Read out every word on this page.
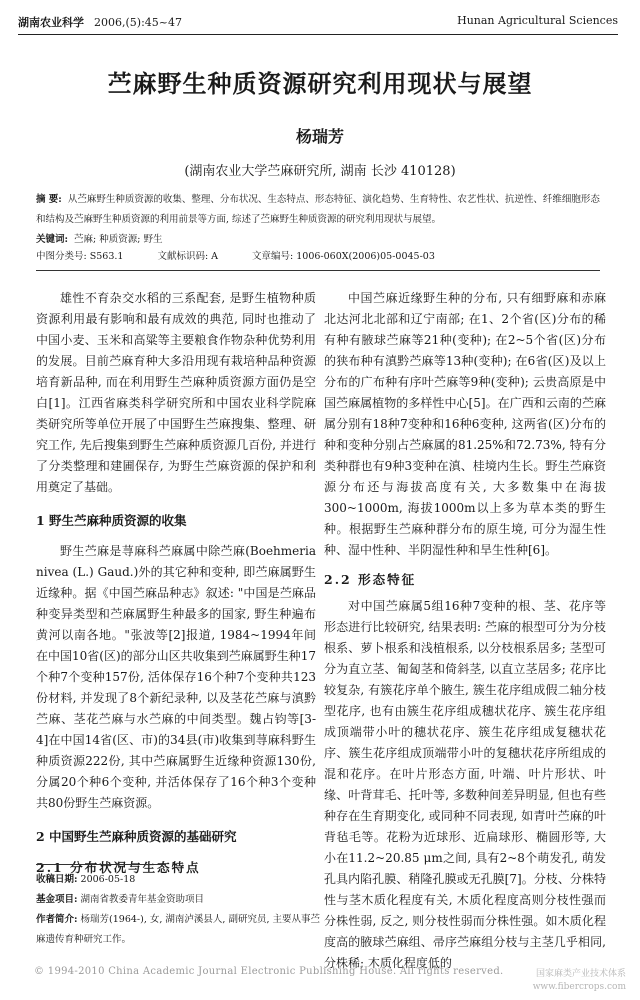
湖南农业科学 2006,(5):45~47	Hunan Agricultural Sciences
苎麻野生种质资源研究利用现状与展望
杨瑞芳
(湖南农业大学苎麻研究所, 湖南 长沙 410128)
摘 要: 从苎麻野生种质资源的收集、整理、分布状况、生态特点、形态特征、演化趋势、生育特性、农艺性状、抗逆性、纤维细胞形态和结构及苎麻野生种质资源的利用前景等方面, 综述了苎麻野生种质资源的研究利用现状与展望。
关键词: 苎麻; 种质资源; 野生
中图分类号: S563.1	文献标识码: A	文章编号: 1006-060X(2006)05-0045-03

雄性不育杂交水稻的三系配套, 是野生植物种质资源利用最有影响和最有成效的典范, 同时也推动了中国小麦、玉米和高粱等主要粮食作物杂种优势利用的发展。目前苎麻育种大多沿用现有栽培种品种资源培育新品种, 而在利用野生苎麻种质资源方面仍是空白[1]。江西省麻类科学研究所和中国农业科学院麻类研究所等单位开展了中国野生苎麻搜集、整理、研究工作, 先后搜集到野生苎麻种质资源几百份, 并进行了分类整理和建圃保存, 为野生苎麻资源的保护和利用奠定了基础。

1 野生苎麻种质资源的收集

野生苎麻是荨麻科苎麻属中除苎麻(Boehmeria nivea (L.) Gaud.)外的其它种和变种, 即苎麻属野生近缘种。据《中国苎麻品种志》叙述: "中国是苎麻品种变异类型和苎麻属野生种最多的国家, 野生种遍布黄河以南各地。"张波等[2]报道, 1984~1994年间在中国10省(区)的部分山区共收集到苎麻属野生种17个种7个变种157份, 活体保存16个种7个变种共123份材料, 并发现了8个新纪录种, 以及茎花苎麻与滇黔苎麻、茎花苎麻与水苎麻的中间类型。魏占钧等[3-4]在中国14省(区、市)的34县(市)收集到荨麻科野生种质资源222份, 其中苎麻属野生近缘种资源130份, 分属20个种6个变种, 并活体保存了16个种3个变种共80份野生苎麻资源。

2 中国野生苎麻种质资源的基础研究
2.1 分布状况与生态特点

中国苎麻近缘野生种的分布, 只有细野麻和赤麻北达河北北部和辽宁南部; 在1、2个省(区)分布的稀有种有腋球苎麻等21种(变种); 在2~5个省(区)分布的狭布种有滇黔苎麻等13种(变种); 在6省(区)及以上分布的广布种有序叶苎麻等9种(变种); 云贵高原是中国苎麻属植物的多样性中心[5]。在广西和云南的苎麻属分别有18种7变种和16种6变种, 这两省(区)分布的种和变种分别占苎麻属的81.25%和72.73%, 特有分类种群也有9种3变种在滇、桂境内生长。野生苎麻资源分布还与海拔高度有关, 大多数集中在海拔300~1000m, 海拔1000m以上多为草本类的野生种。根据野生苎麻种群分布的原生境, 可分为湿生性种、湿中性种、半阴湿性种和旱生性种[6]。

2.2 形态特征

对中国苎麻属5组16种7变种的根、茎、花序等形态进行比较研究, 结果表明: 苎麻的根型可分为分枝根系、萝卜根系和浅植根系, 以分枝根系居多; 茎型可分为直立茎、匍匐茎和倚斜茎, 以直立茎居多; 花序比较复杂, 有簇花序单个腋生, 簇生花序组成假二轴分枝型花序, 也有由簇生花序组成穗状花序、簇生花序组成顶端带小叶的穗状花序、簇生花序组成复穗状花序、簇生花序组成顶端带小叶的复穗状花序所组成的混和花序。在叶片形态方面, 叶端、叶片形状、叶缘、叶背茸毛、托叶等, 多数种间差异明显, 但也有些种存在生育期变化, 或同种不同表现, 如青叶苎麻的叶背毡毛等。花粉为近球形、近扁球形、椭圆形等, 大小在11.2~20.85 μm之间, 具有2~8个萌发孔, 萌发孔具内陷孔膜、稍隆孔膜或无孔膜[7]。分枝、分株特性与茎木质化程度有关, 木质化程度高则分枝性强而分株性弱, 反之, 则分枝性弱而分株性强。如木质化程度高的腋球苎麻组、帚序苎麻组分枝与主茎几乎相同, 分株稀; 木质化程度低的

收稿日期: 2006-05-18
基金项目: 湖南省教委青年基金资助项目
作者简介: 杨瑞芳(1964-), 女, 湖南泸溪县人, 副研究员, 主要从事苎麻遗传育种研究工作。
© 1994-2010 China Academic Journal Electronic Publishing House. All rights reserved.	国家麻类产业技术体系
www.fibercrops.com
